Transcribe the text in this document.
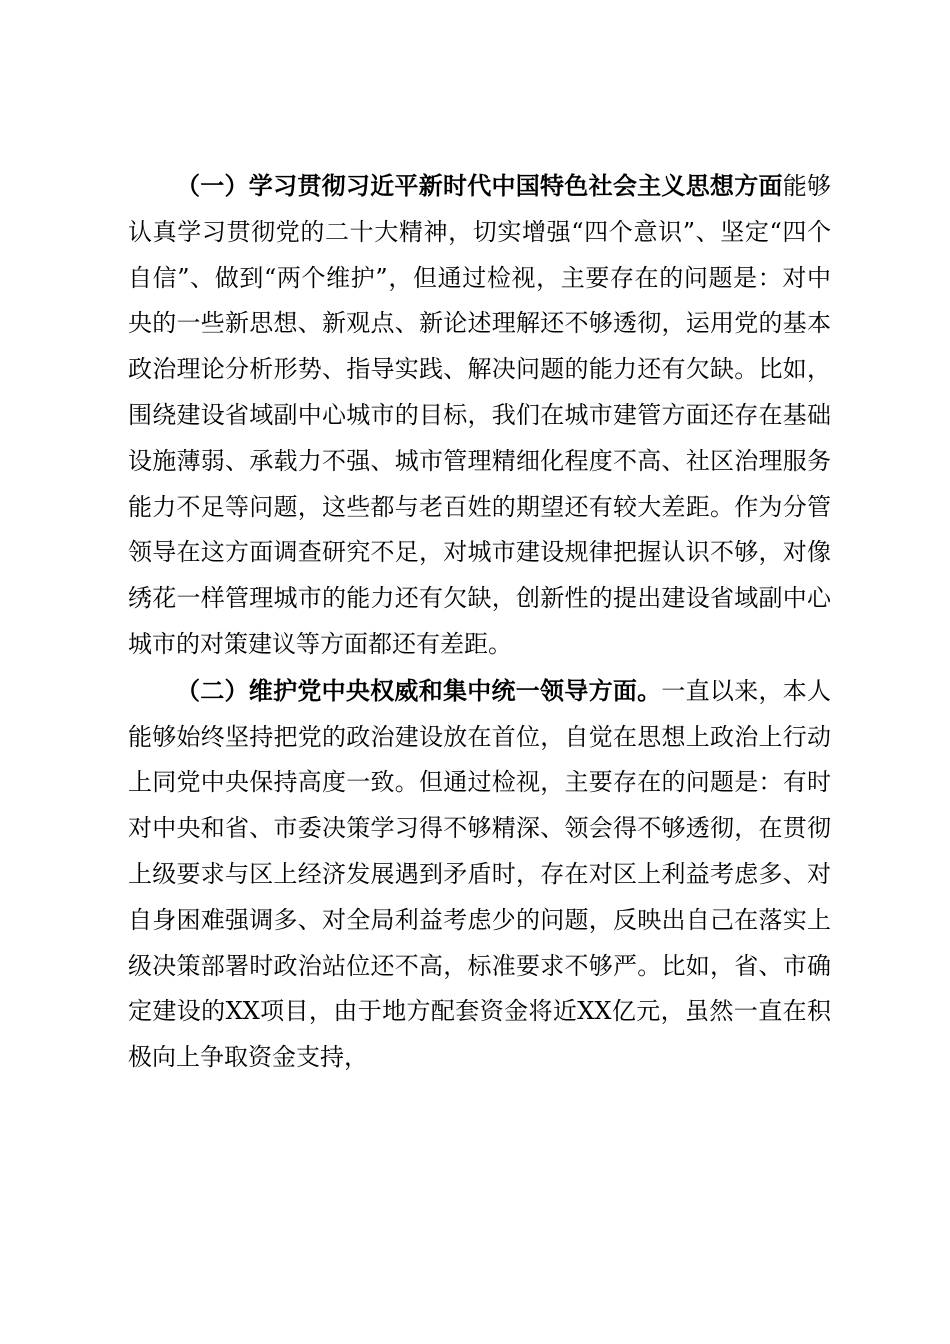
（一）学习贯彻习近平新时代中国特色社会主义思想方面能够认真学习贯彻党的二十大精神，切实增强“四个意识”、坚定“四个自信”、做到“两个维护”，但通过检视，主要存在的问题是：对中央的一些新思想、新观点、新论述理解还不够透彻，运用党的基本政治理论分析形势、指导实践、解决问题的能力还有欠缺。比如，围绕建设省域副中心城市的目标，我们在城市建管方面还存在基础设施薄弱、承载力不强、城市管理精细化程度不高、社区治理服务能力不足等问题，这些都与老百姓的期望还有较大差距。作为分管领导在这方面调查研究不足，对城市建设规律把握认识不够，对像绣花一样管理城市的能力还有欠缺，创新性的提出建设省域副中心城市的对策建议等方面都还有差距。

（二）维护党中央权威和集中统一领导方面。一直以来，本人能够始终坚持把党的政治建设放在首位，自觉在思想上政治上行动上同党中央保持高度一致。但通过检视，主要存在的问题是：有时对中央和省、市委决策学习得不够精深、领会得不够透彻，在贯彻上级要求与区上经济发展遇到矛盾时，存在对区上利益考虑多、对自身困难强调多、对全局利益考虑少的问题，反映出自己在落实上级决策部署时政治站位还不高，标准要求不够严。比如，省、市确定建设的XX项目，由于地方配套资金将近XX亿元，虽然一直在积极向上争取资金支持，
